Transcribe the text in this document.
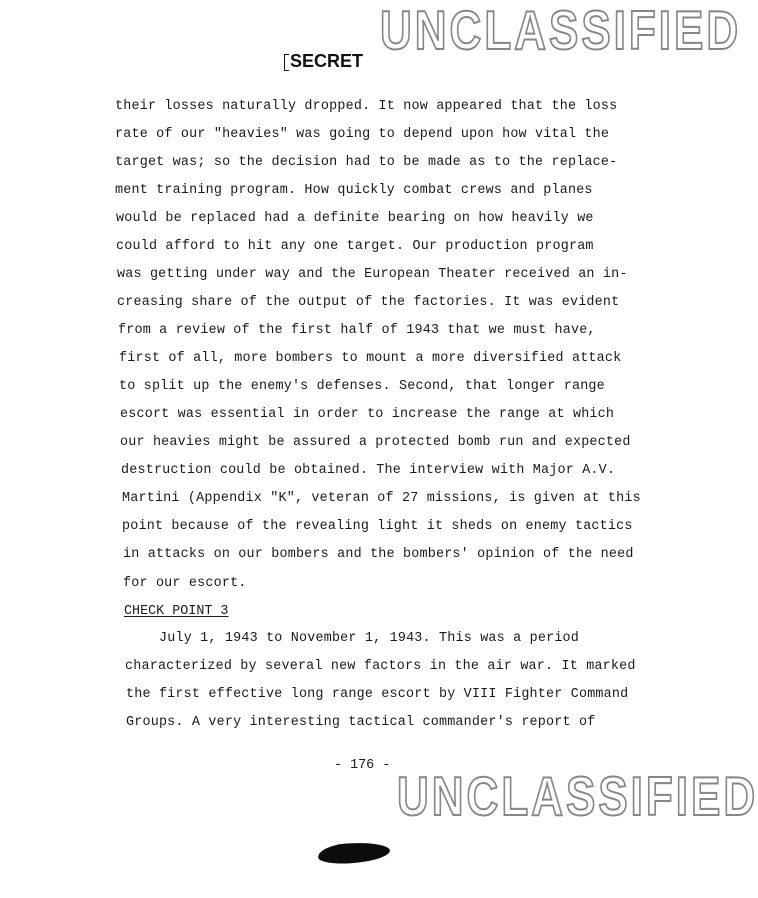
UNCLASSIFIED
SECRET
their losses naturally dropped. It now appeared that the loss
rate of our "heavies" was going to depend upon how vital the
target was; so the decision had to be made as to the replace-
ment training program. How quickly combat crews and planes
would be replaced had a definite bearing on how heavily we
could afford to hit any one target. Our production program
was getting under way and the European Theater received an in-
creasing share of the output of the factories. It was evident
from a review of the first half of 1943 that we must have,
first of all, more bombers to mount a more diversified attack
to split up the enemy's defenses. Second, that longer range
escort was essential in order to increase the range at which
our heavies might be assured a protected bomb run and expected
destruction could be obtained. The interview with Major A.V.
Martini (Appendix "K", veteran of 27 missions, is given at this
point because of the revealing light it sheds on enemy tactics
in attacks on our bombers and the bombers' opinion of the need
for our escort.
CHECK POINT 3
July 1, 1943 to November 1, 1943. This was a period
characterized by several new factors in the air war. It marked
the first effective long range escort by VIII Fighter Command
Groups. A very interesting tactical commander's report of
- 176 -
UNCLASSIFIED
